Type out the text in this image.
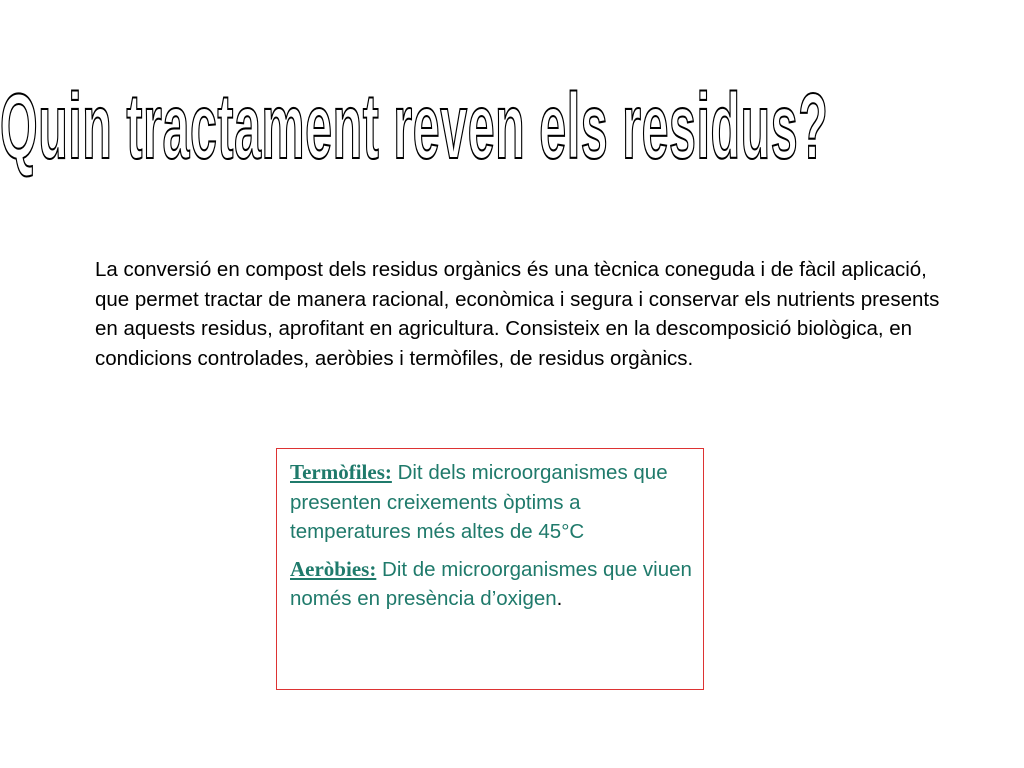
Quin tractament reven els residus?

La conversió en compost dels residus orgànics és una tècnica coneguda i de fàcil aplicació, que permet tractar de manera racional, econòmica i segura i conservar els nutrients presents en aquests residus, aprofitant en agricultura. Consisteix en la descomposició biològica, en condicions controlades, aeròbies i termòfiles, de residus orgànics.

Termòfiles: Dit dels microorganismes que presenten creixements òptims a temperatures més altes de 45°C

Aeròbies: Dit de microorganismes que viuen només en presència d’oxigen.
